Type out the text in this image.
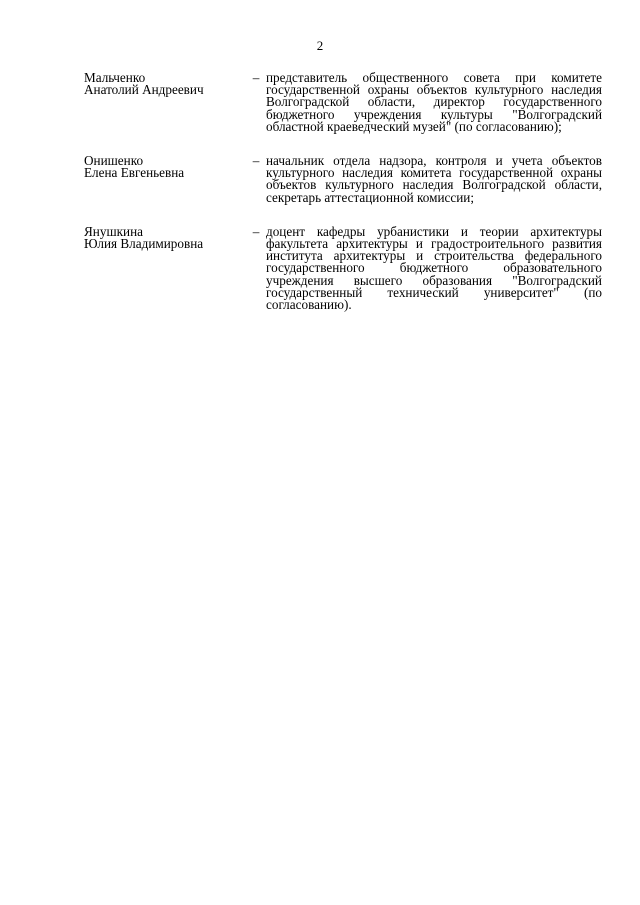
2
Мальченко
Анатолий Андреевич
– представитель общественного совета при комитете государственной охраны объектов культурного наследия Волгоградской области, директор государственного бюджетного учреждения культуры "Волгоградский областной краеведческий музей" (по согласованию);
Онишенко
Елена Евгеньевна
– начальник отдела надзора, контроля и учета объектов культурного наследия комитета государственной охраны объектов культурного наследия Волгоградской области, секретарь аттестационной комиссии;
Янушкина
Юлия Владимировна
– доцент кафедры урбанистики и теории архитектуры факультета архитектуры и градостроительного развития института архитектуры и строительства федерального государственного бюджетного образовательного учреждения высшего образования "Волгоградский государственный технический университет" (по согласованию).
